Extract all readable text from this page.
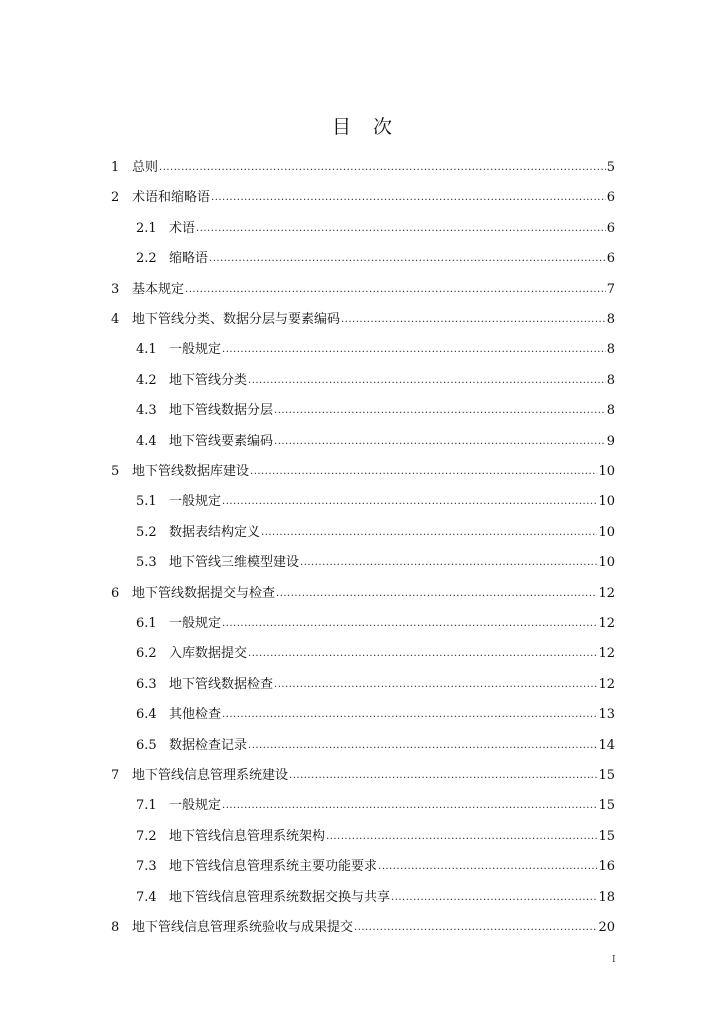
目 次
1 总则 .....	5
2 术语和缩略语 .....	6
2.1 术语 .....	6
2.2 缩略语 .....	6
3 基本规定 .....	7
4 地下管线分类、数据分层与要素编码 .....	8
4.1 一般规定 .....	8
4.2 地下管线分类 .....	8
4.3 地下管线数据分层 .....	8
4.4 地下管线要素编码 .....	9
5 地下管线数据库建设 .....	10
5.1 一般规定 .....	10
5.2 数据表结构定义 .....	10
5.3 地下管线三维模型建设 .....	10
6 地下管线数据提交与检查 .....	12
6.1 一般规定 .....	12
6.2 入库数据提交 .....	12
6.3 地下管线数据检查 .....	12
6.4 其他检查 .....	13
6.5 数据检查记录 .....	14
7 地下管线信息管理系统建设 .....	15
7.1 一般规定 .....	15
7.2 地下管线信息管理系统架构 .....	15
7.3 地下管线信息管理系统主要功能要求 .....	16
7.4 地下管线信息管理系统数据交换与共享 .....	18
8 地下管线信息管理系统验收与成果提交 .....	20
I
